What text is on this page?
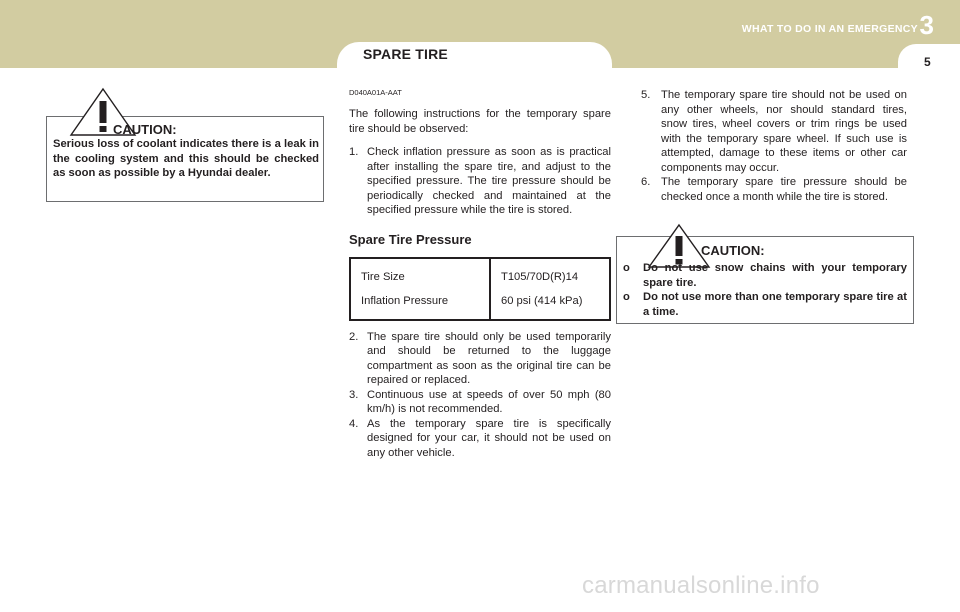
SPARE TIRE
WHAT TO DO IN AN EMERGENCY 3
5
CAUTION:
Serious loss of coolant indicates there is a leak in the cooling system and this should be checked as soon as possible by a Hyundai dealer.
D040A01A-AAT

The following instructions for the temporary spare tire should be observed:

1. Check inflation pressure as soon as is practical after installing the spare tire, and adjust to the specified pressure. The tire pressure should be periodically checked and maintained at the specified pressure while the tire is stored.
Spare Tire Pressure
Tire Size	T105/70D(R)14
Inflation Pressure	60 psi (414 kPa)
2. The spare tire should only be used temporarily and should be returned to the luggage compartment as soon as the original tire can be repaired or replaced.
3. Continuous use at speeds of over 50 mph (80 km/h) is not recommended.
4. As the temporary spare tire is specifically designed for your car, it should not be used on any other vehicle.
5. The temporary spare tire should not be used on any other wheels, nor should standard tires, snow tires, wheel covers or trim rings be used with the temporary spare wheel. If such use is attempted, damage to these items or other car components may occur.
6. The temporary spare tire pressure should be checked once a month while the tire is stored.
CAUTION:
o Do not use snow chains with your temporary spare tire.
o Do not use more than one temporary spare tire at a time.
carmanualsonline.info
